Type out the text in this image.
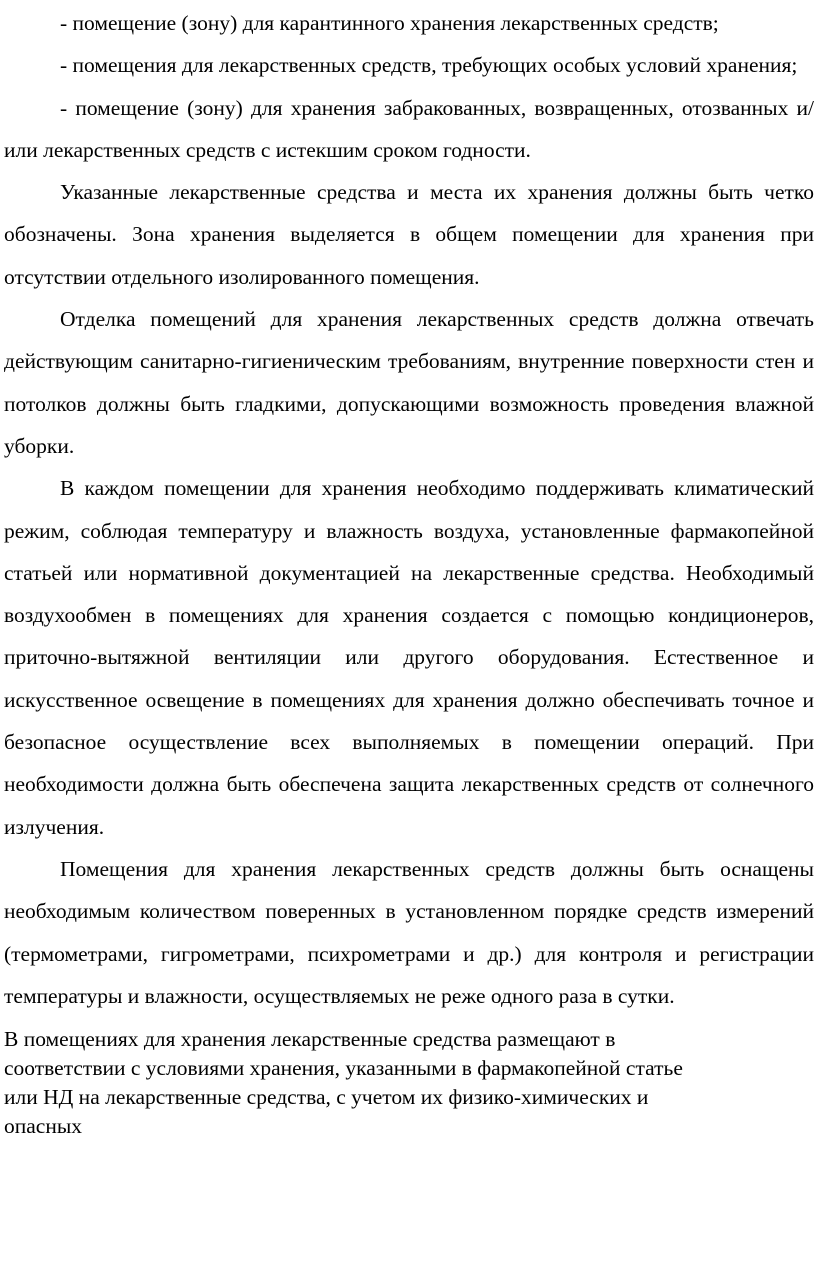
- помещение (зону) для карантинного хранения лекарственных средств;

- помещения для лекарственных средств, требующих особых условий хранения;

- помещение (зону) для хранения забракованных, возвращенных, отозванных и/или лекарственных средств с истекшим сроком годности.

Указанные лекарственные средства и места их хранения должны быть четко обозначены. Зона хранения выделяется в общем помещении для хранения при отсутствии отдельного изолированного помещения.

Отделка помещений для хранения лекарственных средств должна отвечать действующим санитарно-гигиеническим требованиям, внутренние поверхности стен и потолков должны быть гладкими, допускающими возможность проведения влажной уборки.

В каждом помещении для хранения необходимо поддерживать климатический режим, соблюдая температуру и влажность воздуха, установленные фармакопейной статьей или нормативной документацией на лекарственные средства. Необходимый воздухообмен в помещениях для хранения создается с помощью кондиционеров, приточно-вытяжной вентиляции или другого оборудования. Естественное и искусственное освещение в помещениях для хранения должно обеспечивать точное и безопасное осуществление всех выполняемых в помещении операций. При необходимости должна быть обеспечена защита лекарственных средств от солнечного излучения.

Помещения для хранения лекарственных средств должны быть оснащены необходимым количеством поверенных в установленном порядке средств измерений (термометрами, гигрометрами, психрометрами и др.) для контроля и регистрации температуры и влажности, осуществляемых не реже одного раза в сутки.

В помещениях для хранения лекарственные средства размещают в
соответствии с условиями хранения, указанными в фармакопейной статье
или НД на лекарственные средства, с учетом их физико-химических и
опасных
